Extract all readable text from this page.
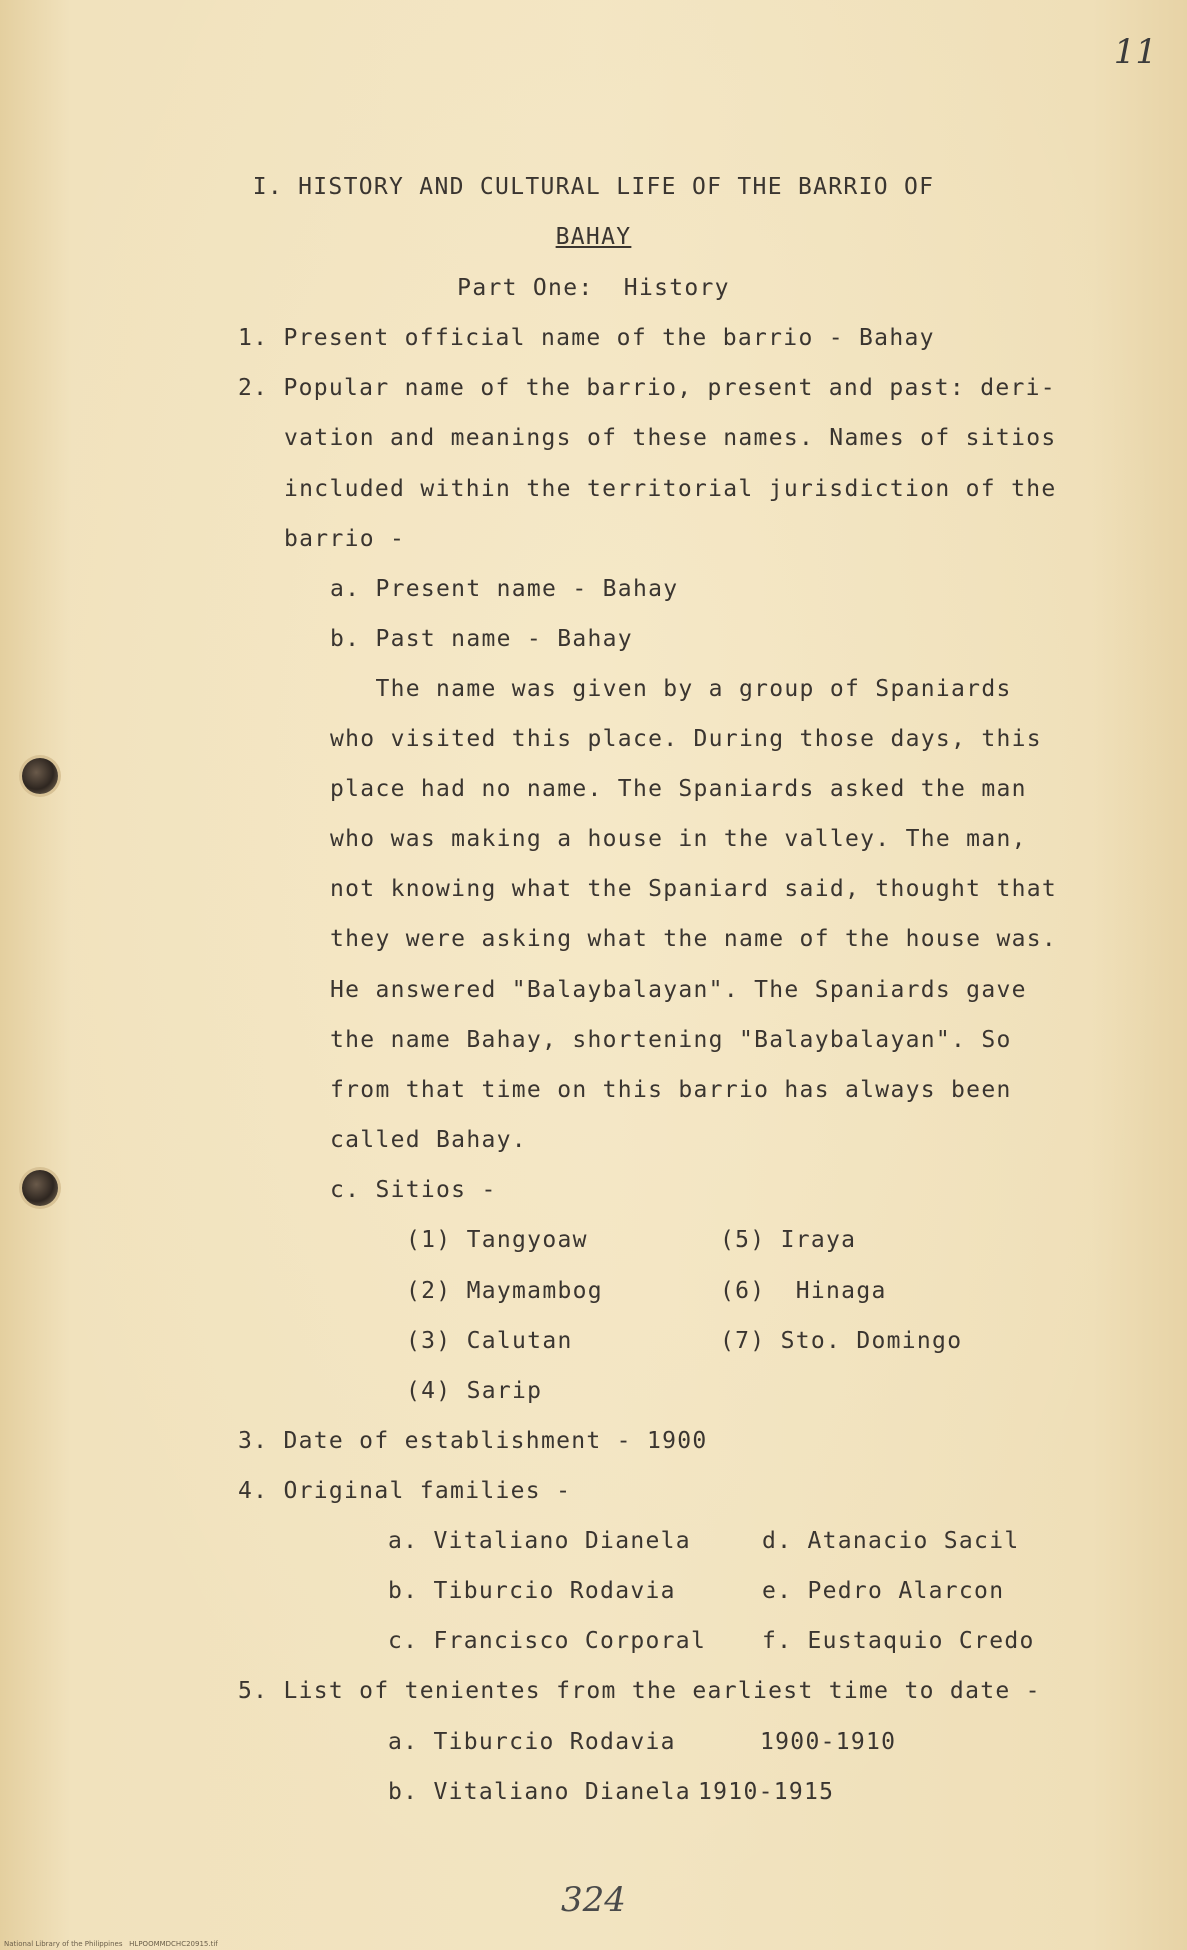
11
I. HISTORY AND CULTURAL LIFE OF THE BARRIO OF
BAHAY
Part One:  History
1. Present official name of the barrio - Bahay
2. Popular name of the barrio, present and past: deri-
vation and meanings of these names. Names of sitios
included within the territorial jurisdiction of the
barrio -
a. Present name - Bahay
b. Past name - Bahay
The name was given by a group of Spaniards
who visited this place. During those days, this
place had no name. The Spaniards asked the man
who was making a house in the valley. The man,
not knowing what the Spaniard said, thought that
they were asking what the name of the house was.
He answered "Balaybalayan". The Spaniards gave
the name Bahay, shortening "Balaybalayan". So
from that time on this barrio has always been
called Bahay.
c. Sitios -
(1) Tangyoaw
(2) Maymambog
(3) Calutan
(4) Sarip
(5) Iraya
(6)  Hinaga
(7) Sto. Domingo
3. Date of establishment - 1900
4. Original families -
a. Vitaliano Dianela
b. Tiburcio Rodavia
c. Francisco Corporal
d. Atanacio Sacil
e. Pedro Alarcon
f. Eustaquio Credo
5. List of tenientes from the earliest time to date -
a. Tiburcio Rodavia	1900-1910
b. Vitaliano Dianela 1910-1915
324
National Library of the Philippines   HLPOOMMDCHC20915.tif
